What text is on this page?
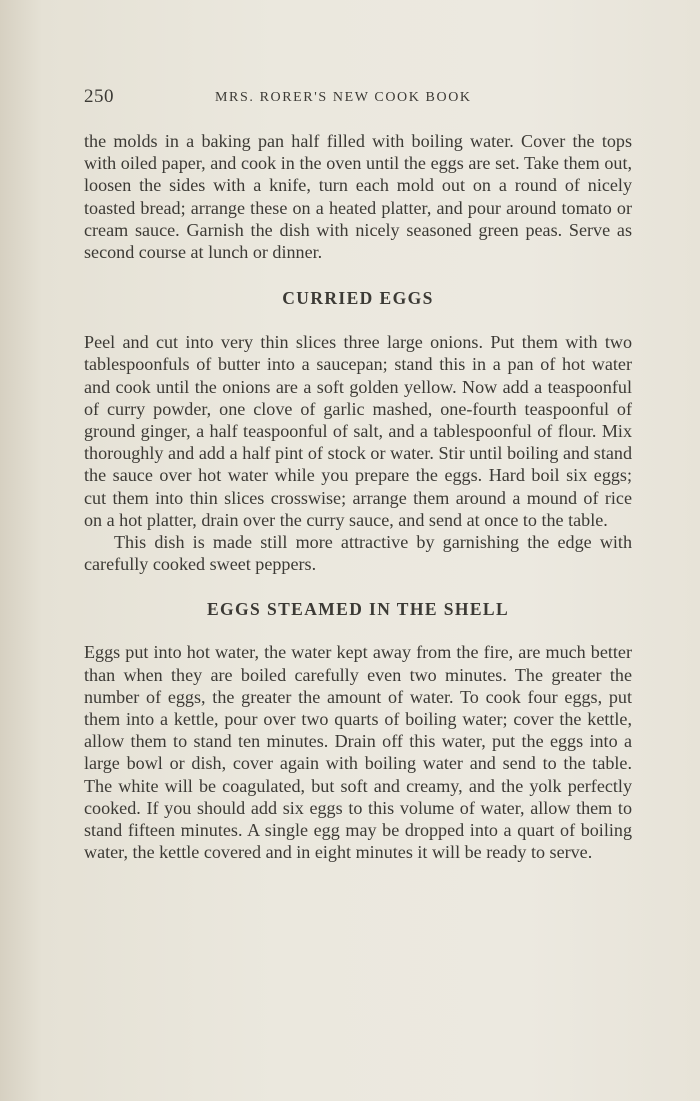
250	MRS. RORER'S NEW COOK BOOK

the molds in a baking pan half filled with boiling water. Cover the tops with oiled paper, and cook in the oven until the eggs are set. Take them out, loosen the sides with a knife, turn each mold out on a round of nicely toasted bread; arrange these on a heated platter, and pour around tomato or cream sauce. Garnish the dish with nicely seasoned green peas. Serve as second course at lunch or dinner.

CURRIED EGGS

Peel and cut into very thin slices three large onions. Put them with two tablespoonfuls of butter into a saucepan; stand this in a pan of hot water and cook until the onions are a soft golden yellow. Now add a teaspoonful of curry powder, one clove of garlic mashed, one-fourth teaspoonful of ground ginger, a half teaspoonful of salt, and a tablespoonful of flour. Mix thoroughly and add a half pint of stock or water. Stir until boiling and stand the sauce over hot water while you prepare the eggs. Hard boil six eggs; cut them into thin slices crosswise; arrange them around a mound of rice on a hot platter, drain over the curry sauce, and send at once to the table.

This dish is made still more attractive by garnishing the edge with carefully cooked sweet peppers.

EGGS STEAMED IN THE SHELL

Eggs put into hot water, the water kept away from the fire, are much better than when they are boiled carefully even two minutes. The greater the number of eggs, the greater the amount of water. To cook four eggs, put them into a kettle, pour over two quarts of boiling water; cover the kettle, allow them to stand ten minutes. Drain off this water, put the eggs into a large bowl or dish, cover again with boiling water and send to the table. The white will be coagulated, but soft and creamy, and the yolk perfectly cooked. If you should add six eggs to this volume of water, allow them to stand fifteen minutes. A single egg may be dropped into a quart of boiling water, the kettle covered and in eight minutes it will be ready to serve.
